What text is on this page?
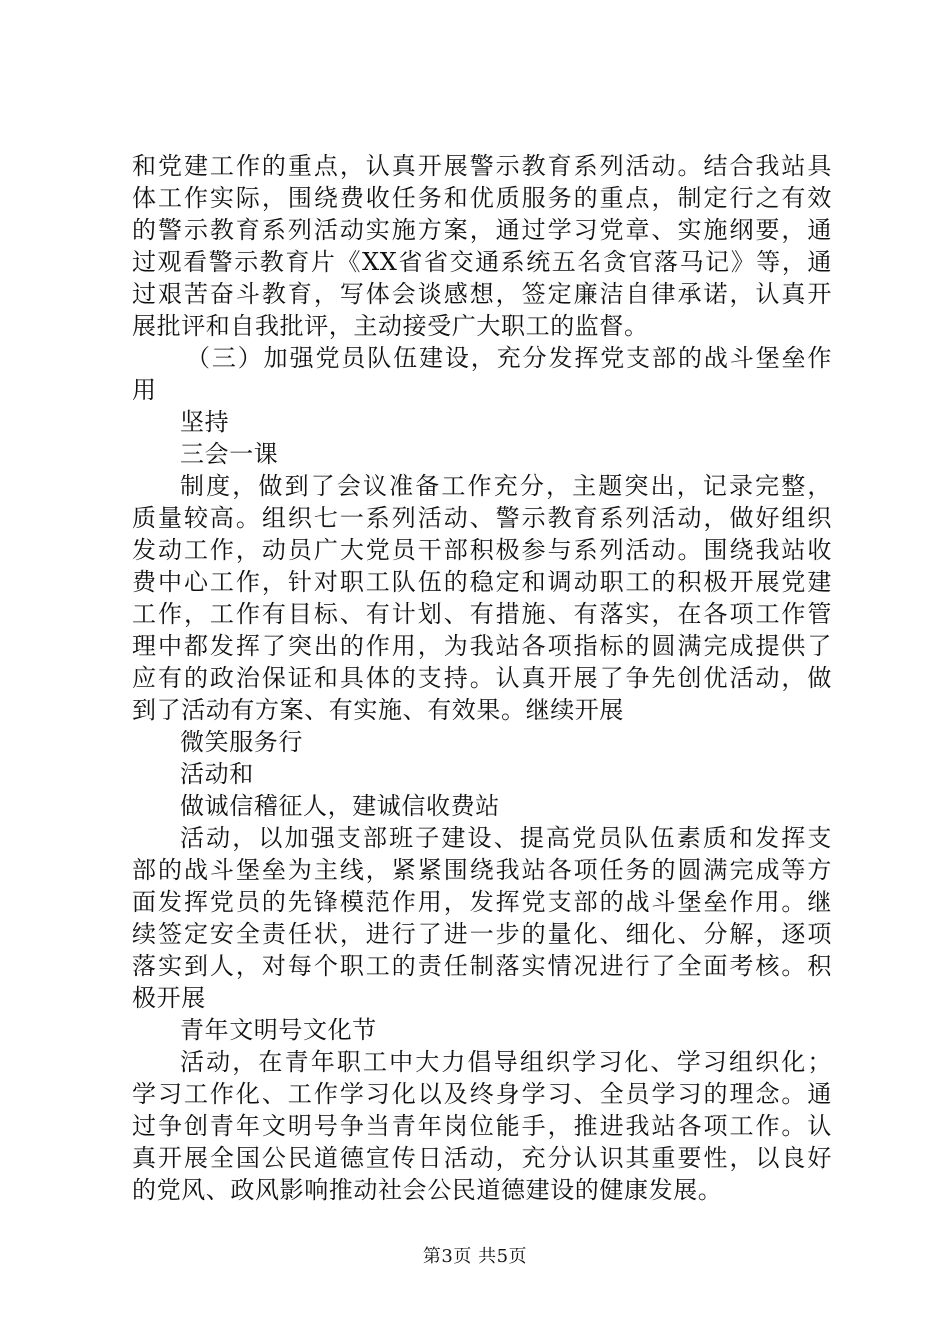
和党建工作的重点，认真开展警示教育系列活动。结合我站具
体工作实际，围绕费收任务和优质服务的重点，制定行之有效
的警示教育系列活动实施方案，通过学习党章、实施纲要，通
过观看警示教育片《XX省省交通系统五名贪官落马记》等，通
过艰苦奋斗教育，写体会谈感想，签定廉洁自律承诺，认真开
展批评和自我批评，主动接受广大职工的监督。
（三）加强党员队伍建设，充分发挥党支部的战斗堡垒作
用
坚持
三会一课
制度，做到了会议准备工作充分，主题突出，记录完整，
质量较高。组织七一系列活动、警示教育系列活动，做好组织
发动工作，动员广大党员干部积极参与系列活动。围绕我站收
费中心工作，针对职工队伍的稳定和调动职工的积极开展党建
工作，工作有目标、有计划、有措施、有落实，在各项工作管
理中都发挥了突出的作用，为我站各项指标的圆满完成提供了
应有的政治保证和具体的支持。认真开展了争先创优活动，做
到了活动有方案、有实施、有效果。继续开展
微笑服务行
活动和
做诚信稽征人，建诚信收费站
活动，以加强支部班子建设、提高党员队伍素质和发挥支
部的战斗堡垒为主线，紧紧围绕我站各项任务的圆满完成等方
面发挥党员的先锋模范作用，发挥党支部的战斗堡垒作用。继
续签定安全责任状，进行了进一步的量化、细化、分解，逐项
落实到人，对每个职工的责任制落实情况进行了全面考核。积
极开展
青年文明号文化节
活动，在青年职工中大力倡导组织学习化、学习组织化；
学习工作化、工作学习化以及终身学习、全员学习的理念。通
过争创青年文明号争当青年岗位能手，推进我站各项工作。认
真开展全国公民道德宣传日活动，充分认识其重要性，以良好
的党风、政风影响推动社会公民道德建设的健康发展。
第3页 共5页
